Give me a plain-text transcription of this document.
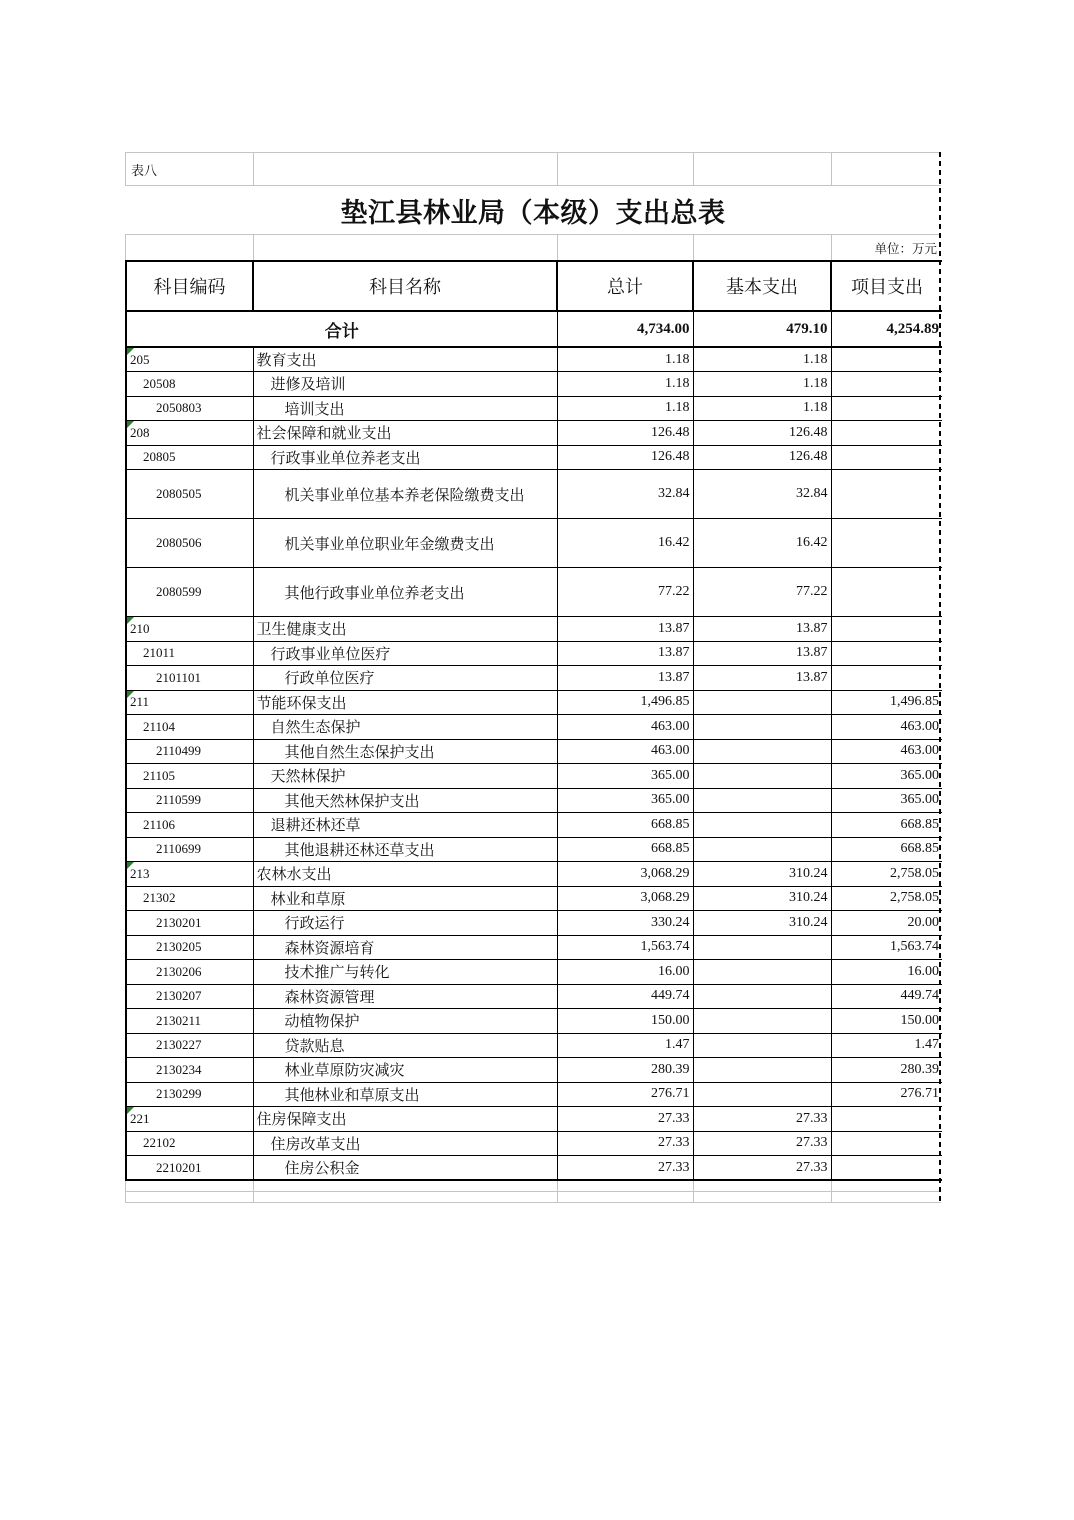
表八
垫江县林业局（本级）支出总表
单位：万元
科目编码	科目名称	总计	基本支出	项目支出
合计		4,734.00	479.10	4,254.89

205	教育支出	1.18	1.18	
20508	进修及培训	1.18	1.18	
2050803	培训支出	1.18	1.18	

208	社会保障和就业支出	126.48	126.48	
20805	行政事业单位养老支出	126.48	126.48	
2080505	机关事业单位基本养老保险缴费支出	32.84	32.84	
2080506	机关事业单位职业年金缴费支出	16.42	16.42	
2080599	其他行政事业单位养老支出	77.22	77.22	

210	卫生健康支出	13.87	13.87	
21011	行政事业单位医疗	13.87	13.87	
2101101	行政单位医疗	13.87	13.87	

211	节能环保支出	1,496.85		1,496.85
21104	自然生态保护	463.00		463.00
2110499	其他自然生态保护支出	463.00		463.00
21105	天然林保护	365.00		365.00
2110599	其他天然林保护支出	365.00		365.00
21106	退耕还林还草	668.85		668.85
2110699	其他退耕还林还草支出	668.85		668.85

213	农林水支出	3,068.29	310.24	2,758.05
21302	林业和草原	3,068.29	310.24	2,758.05
2130201	行政运行	330.24	310.24	20.00
2130205	森林资源培育	1,563.74		1,563.74
2130206	技术推广与转化	16.00		16.00
2130207	森林资源管理	449.74		449.74
2130211	动植物保护	150.00		150.00
2130227	贷款贴息	1.47		1.47
2130234	林业草原防灾减灾	280.39		280.39
2130299	其他林业和草原支出	276.71		276.71

221	住房保障支出	27.33	27.33	
22102	住房改革支出	27.33	27.33	
2210201	住房公积金	27.33	27.33	
